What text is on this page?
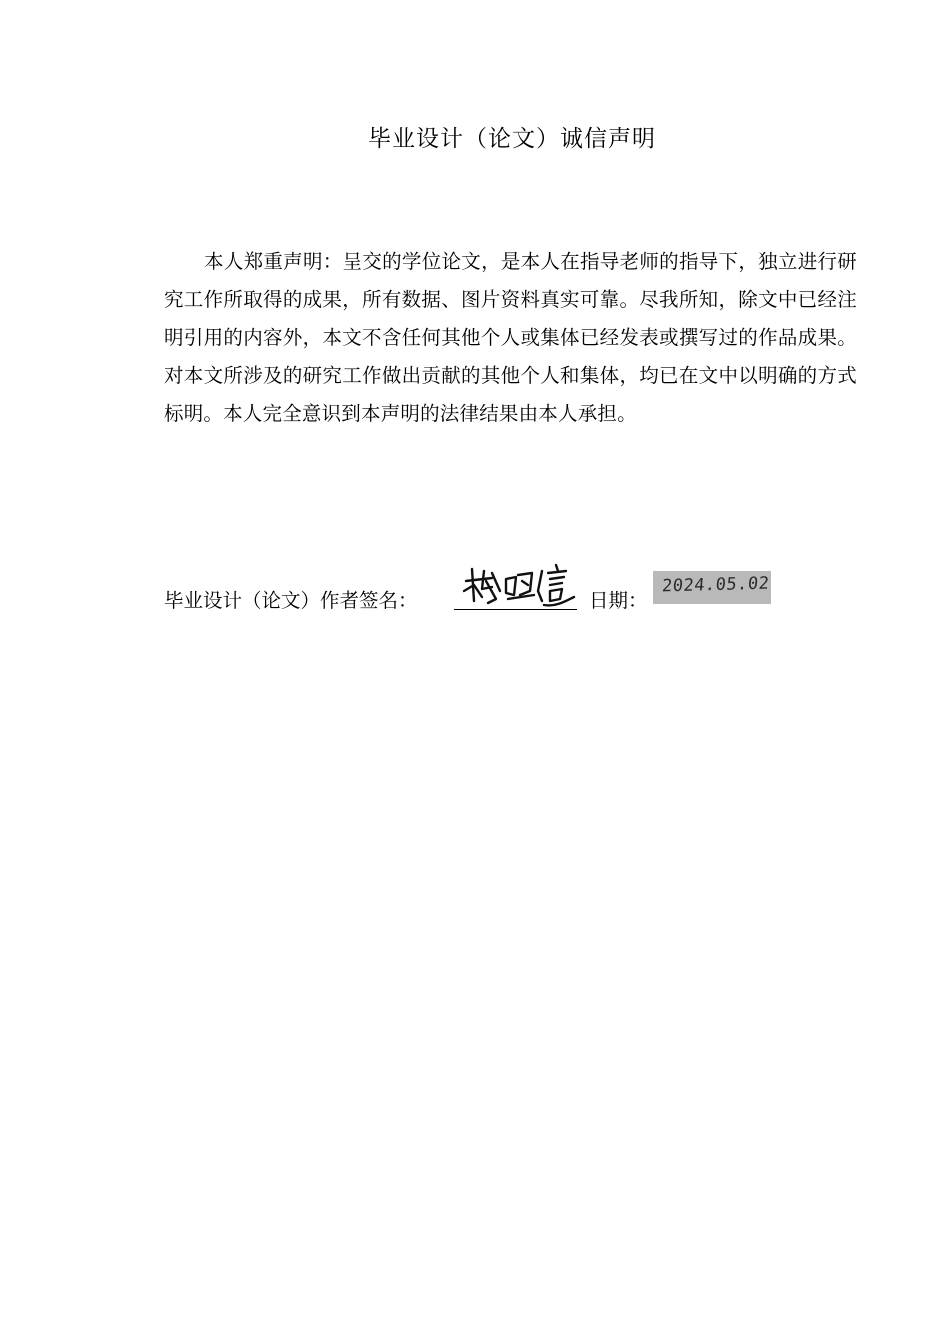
毕业设计（论文）诚信声明

本人郑重声明：呈交的学位论文，是本人在指导老师的指导下，独立进行研究工作所取得的成果，所有数据、图片资料真实可靠。尽我所知，除文中已经注明引用的内容外，本文不含任何其他个人或集体已经发表或撰写过的作品成果。对本文所涉及的研究工作做出贡献的其他个人和集体，均已在文中以明确的方式标明。本人完全意识到本声明的法律结果由本人承担。

毕业设计（论文）作者签名：	日期：
2024.05.02
